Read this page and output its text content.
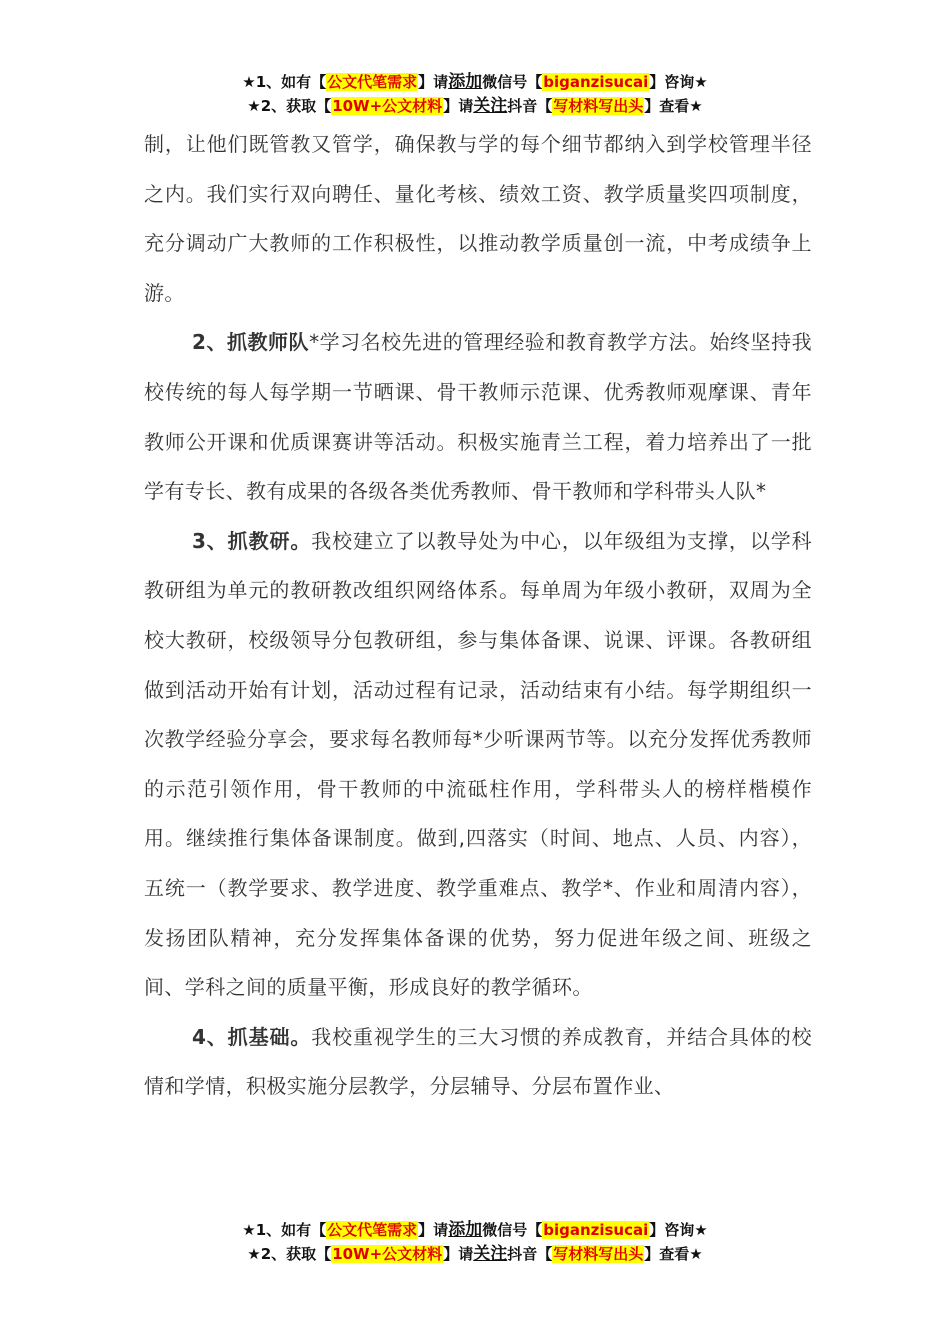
★1、如有【公文代笔需求】请添加微信号【biganzisucai】咨询★
★2、获取【10W+公文材料】请关注抖音【写材料写出头】查看★

制，让他们既管教又管学，确保教与学的每个细节都纳入到学校管理半径之内。我们实行双向聘任、量化考核、绩效工资、教学质量奖四项制度，充分调动广大教师的工作积极性，以推动教学质量创一流，中考成绩争上游。

2、抓教师队*学习名校先进的管理经验和教育教学方法。始终坚持我校传统的每人每学期一节晒课、骨干教师示范课、优秀教师观摩课、青年教师公开课和优质课赛讲等活动。积极实施青兰工程，着力培养出了一批学有专长、教有成果的各级各类优秀教师、骨干教师和学科带头人队*

3、抓教研。我校建立了以教导处为中心，以年级组为支撑，以学科教研组为单元的教研教改组织网络体系。每单周为年级小教研，双周为全校大教研，校级领导分包教研组，参与集体备课、说课、评课。各教研组做到活动开始有计划，活动过程有记录，活动结束有小结。每学期组织一次教学经验分享会，要求每名教师每*少听课两节等。以充分发挥优秀教师的示范引领作用，骨干教师的中流砥柱作用，学科带头人的榜样楷模作用。继续推行集体备课制度。做到,四落实（时间、地点、人员、内容），五统一（教学要求、教学进度、教学重难点、教学*、作业和周清内容），发扬团队精神，充分发挥集体备课的优势，努力促进年级之间、班级之间、学科之间的质量平衡，形成良好的教学循环。

4、抓基础。我校重视学生的三大习惯的养成教育，并结合具体的校情和学情，积极实施分层教学，分层辅导、分层布置作业、

★1、如有【公文代笔需求】请添加微信号【biganzisucai】咨询★
★2、获取【10W+公文材料】请关注抖音【写材料写出头】查看★
